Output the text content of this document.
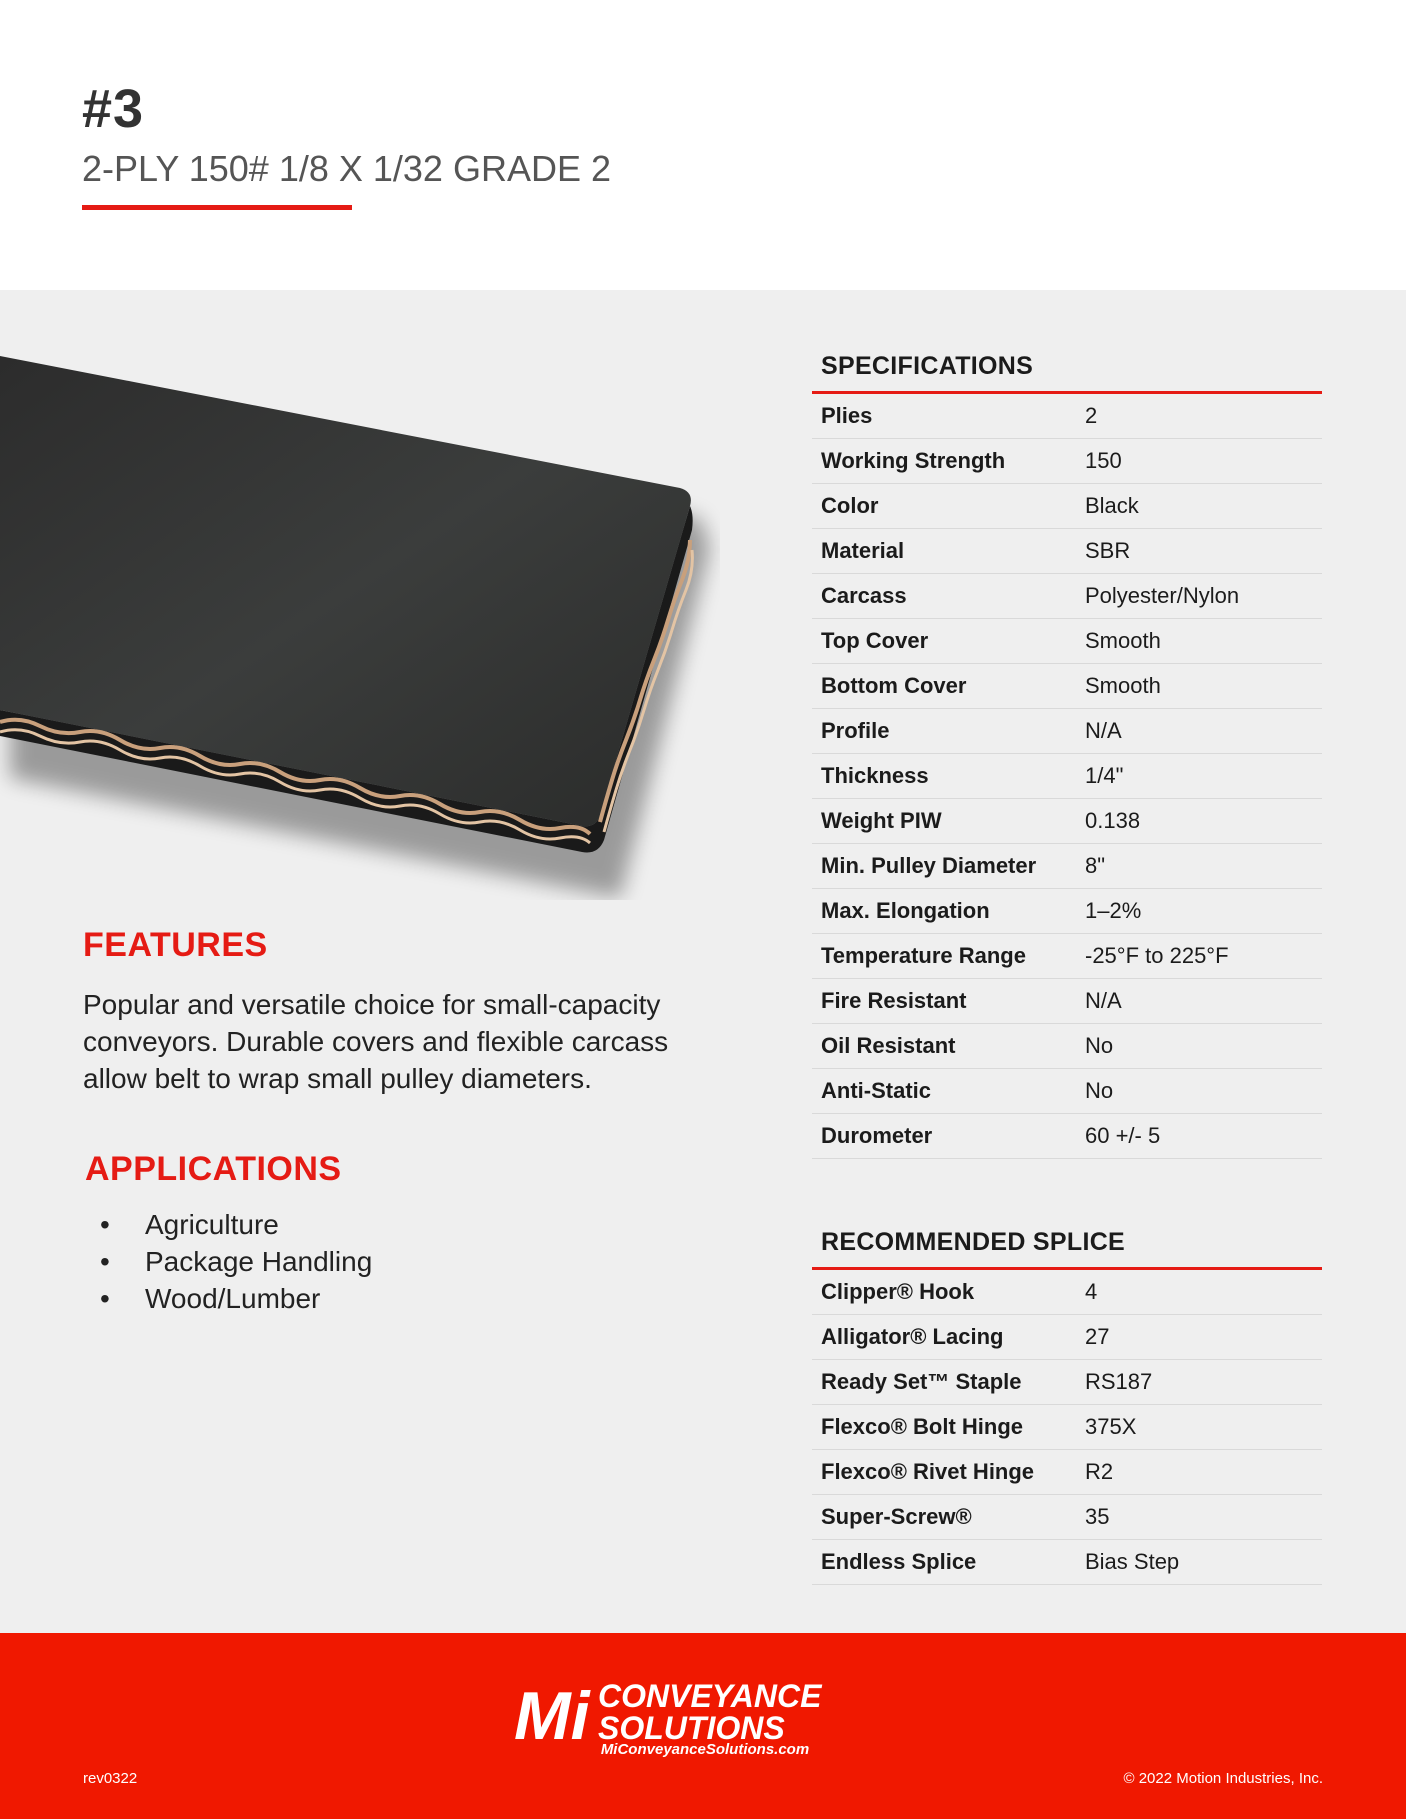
#3
2-PLY 150# 1/8 X 1/32 GRADE 2
FEATURES
Popular and versatile choice for small-capacity conveyors. Durable covers and flexible carcass allow belt to wrap small pulley diameters.
APPLICATIONS
• Agriculture
• Package Handling
• Wood/Lumber
SPECIFICATIONS
Plies	2
Working Strength	150
Color	Black
Material	SBR
Carcass	Polyester/Nylon
Top Cover	Smooth
Bottom Cover	Smooth
Profile	N/A
Thickness	1/4"
Weight PIW	0.138
Min. Pulley Diameter	8"
Max. Elongation	1–2%
Temperature Range	-25°F to 225°F
Fire Resistant	N/A
Oil Resistant	No
Anti-Static	No
Durometer	60 +/- 5
RECOMMENDED SPLICE
Clipper® Hook	4
Alligator® Lacing	27
Ready Set™ Staple	RS187
Flexco® Bolt Hinge	375X
Flexco® Rivet Hinge	R2
Super-Screw®	35
Endless Splice	Bias Step
Mi CONVEYANCE
SOLUTIONS
MiConveyanceSolutions.com
rev0322	© 2022 Motion Industries, Inc.
